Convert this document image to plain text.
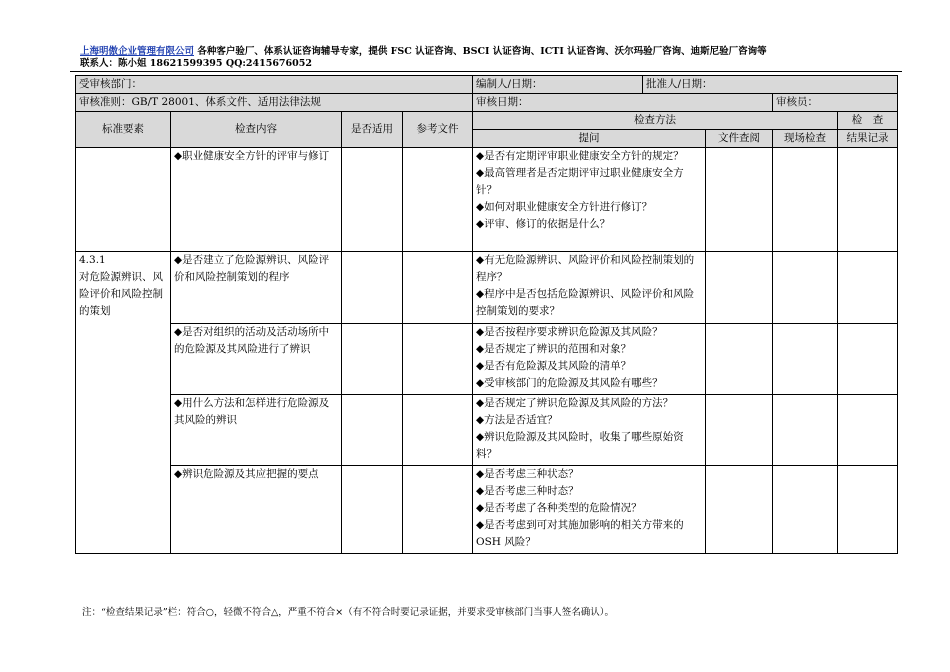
上海明傲企业管理有限公司 各种客户验厂、体系认证咨询辅导专家，提供 FSC 认证咨询、BSCI 认证咨询、ICTI 认证咨询、沃尔玛验厂咨询、迪斯尼验厂咨询等
联系人：陈小姐 18621599395 QQ:2415676052
受审核部门：				编制人/日期：	批准人/日期：			
审核准则：GB/T 28001、体系文件、适用法律法规				审核日期：			审核员：	
标准要素	检查内容	是否适用	参考文件	检查方法				检　查
				提问		文件查阅	现场检查	结果记录
	◆职业健康安全方针的评审与修订			◆是否有定期评审职业健康安全方针的规定？
◆最高管理者是否定期评审过职业健康安全方针？
◆如何对职业健康安全方针进行修订？
◆评审、修订的依据是什么？				

4.3.1
对危险源辨识、风险评价和风险控制的策划	◆是否建立了危险源辨识、风险评价和风险控制策划的程序			◆有无危险源辨识、风险评价和风险控制策划的程序？
◆程序中是否包括危险源辨识、风险评价和风险控制策划的要求？				

	◆是否对组织的活动及活动场所中的危险源及其风险进行了辨识			◆是否按程序要求辨识危险源及其风险？
◆是否规定了辨识的范围和对象？
◆是否有危险源及其风险的清单？
◆受审核部门的危险源及其风险有哪些？				

	◆用什么方法和怎样进行危险源及其风险的辨识			◆是否规定了辨识危险源及其风险的方法？
◆方法是否适宜？
◆辨识危险源及其风险时，收集了哪些原始资料？				

	◆辨识危险源及其应把握的要点			◆是否考虑三种状态？
◆是否考虑三种时态？
◆是否考虑了各种类型的危险情况？
◆是否考虑到可对其施加影响的相关方带来的 OSH 风险？				

注：“检查结果记录”栏：符合○，轻微不符合△，严重不符合×（有不符合时要记录证据，并要求受审核部门当事人签名确认）。
